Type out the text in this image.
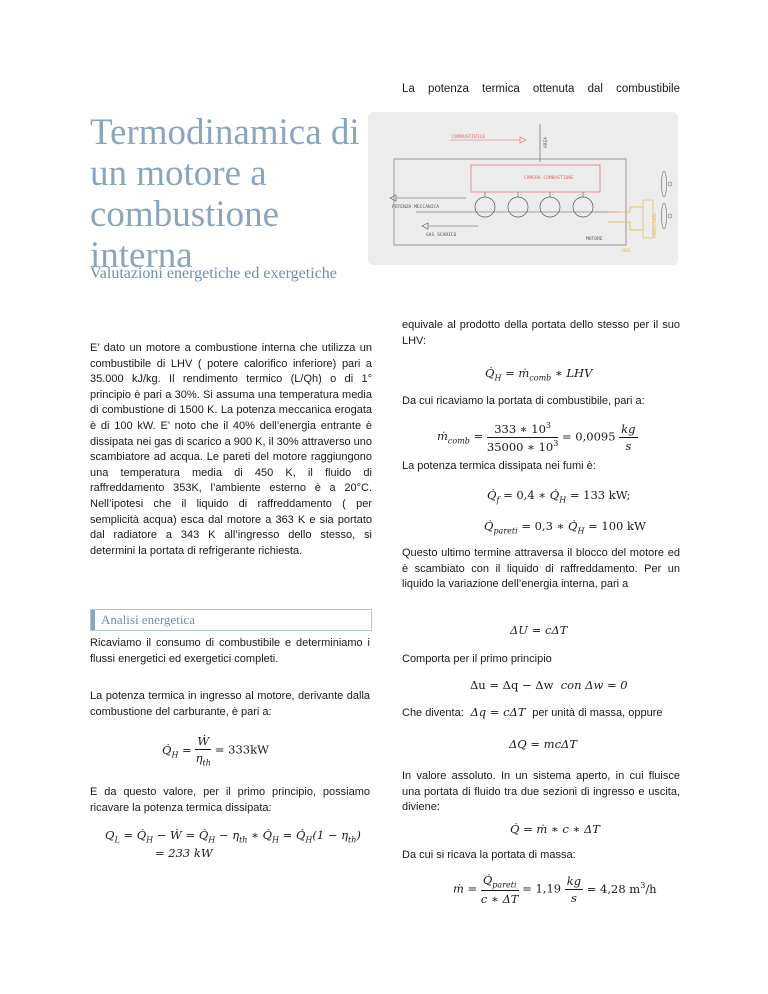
La potenza termica ottenuta dal combustibile
Termodinamica di un motore a combustione interna
Valutazioni energetiche ed exergetiche
COMBUSTIBILE	ARIA
CAMERA COMBUSTIONE
POTENZA MECCANICA
GAS SCARICO
MOTORE
H2O
RADIATORE
E’ dato un motore a combustione interna che utilizza un combustibile di LHV ( potere calorifico inferiore) pari a 35.000 kJ/kg. Il rendimento termico (L/Qh) o di 1° principio è pari a 30%. Si assuma una temperatura media di combustione di 1500 K. La potenza meccanica erogata è di 100 kW. E’ noto che il 40% dell’energia entrante è dissipata nei gas di scarico a 900 K, il 30% attraverso uno scambiatore ad acqua. Le pareti del motore raggiungono una temperatura media di 450 K, il fluido di raffreddamento 353K, l’ambiente esterno è a 20°C. Nell’ipotesi che il liquido di raffreddamento ( per semplicità acqua) esca dal motore a 363 K e sia portato dal radiatore a 343 K all’ingresso dello stesso, si determini la portata di refrigerante richiesta.
Analisi energetica
Ricaviamo il consumo di combustibile e determiniamo i flussi energetici ed exergetici completi.
La potenza termica in ingresso al motore, derivante dalla combustione del carburante, è pari a:
$Q̇_H = \frac{\text{Ẇ}}{\eta_{th}} = 333kW$
E da questo valore, per il primo principio, possiamo ricavare la potenza termica dissipata:
$Q_L$ = $Q̇_H$ − Ẇ = $Q̇_H - \eta_{th}$ ∗ $Q̇_H$ = $Q̇_H(1 - \eta_{th})$
= 233 kW
equivale al prodotto della portata dello stesso per il suo LHV:
$Q̇_H$ = ṁ$_{comb}$ ∗ LHV
Da cui ricaviamo la portata di combustibile, pari a:
ṁ$_{comb}$ = $\frac{333 ∗ 10^3}{35000 ∗ 10^3} = 0,0095 \frac{kg}{s}$
La potenza termica dissipata nei fumi è:
$Q̇_f = 0,4$ ∗ $Q̇_H = 133$ kW;
$Q̇_{pareti} = 0,3$ ∗ $Q̇_H = 100$ kW
Questo ultimo termine attraversa il blocco del motore ed è scambiato con il liquido di raffreddamento. Per un liquido la variazione dell’energia interna, pari a
ΔU = cΔT
Comporta per il primo principio
Δu = Δq − Δw con Δw = 0
Che diventa:  Δq = cΔT  per unità di massa, oppure
ΔQ = mcΔT
In valore assoluto. In un sistema aperto, in cui fluisce una portata di fluido tra due sezioni di ingresso e uscita, diviene:
Q̇ = ṁ ∗ c ∗ ΔT
Da cui si ricava la portata di massa:
ṁ = $\frac{Q̇_{pareti}}{c ∗ \Delta T} = 1,19 \frac{kg}{s} = 4,28$ $m^3/h$
